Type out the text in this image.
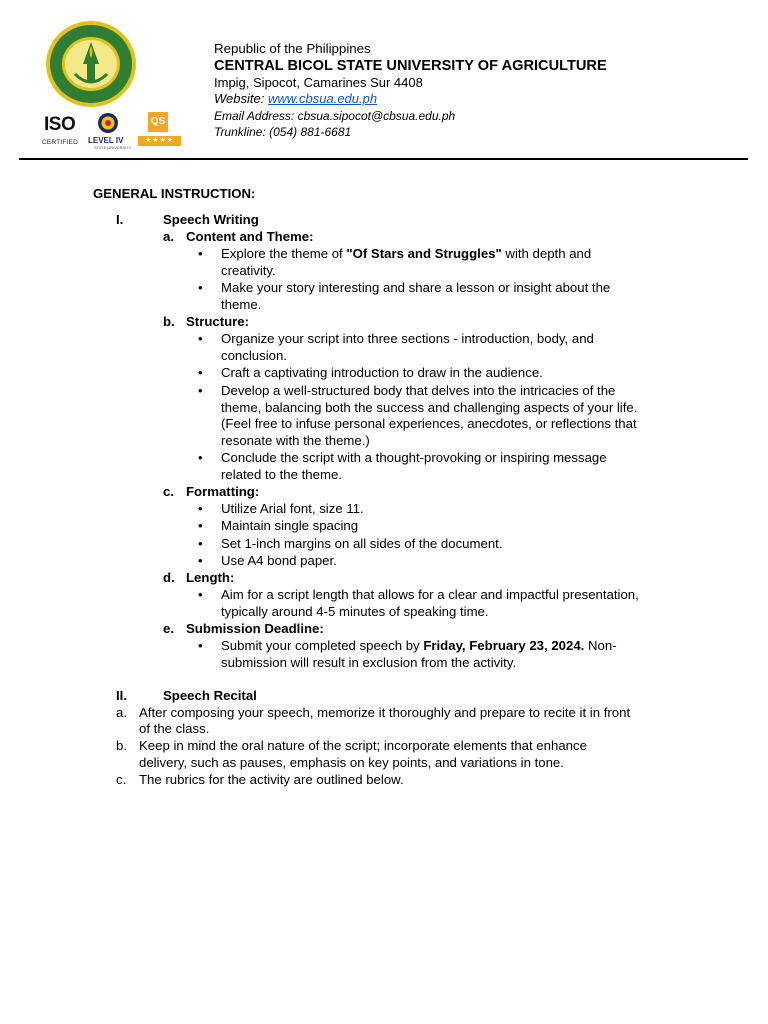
ISO
CERTIFIED LEVEL IV
STATE UNIVERSITY
QS
★★★★
Republic of the Philippines
CENTRAL BICOL STATE UNIVERSITY OF AGRICULTURE
Impig, Sipocot, Camarines Sur 4408
Website: www.cbsua.edu.ph
Email Address: cbsua.sipocot@cbsua.edu.ph
Trunkline: (054) 881-6681
GENERAL INSTRUCTION:
I.	Speech Writing
a. Content and Theme:
• Explore the theme of "Of Stars and Struggles" with depth and
creativity.
• Make your story interesting and share a lesson or insight about the
theme.
b. Structure:
• Organize your script into three sections - introduction, body, and
conclusion.
• Craft a captivating introduction to draw in the audience.
• Develop a well-structured body that delves into the intricacies of the
theme, balancing both the success and challenging aspects of your life.
(Feel free to infuse personal experiences, anecdotes, or reflections that
resonate with the theme.)
• Conclude the script with a thought-provoking or inspiring message
related to the theme.
c. Formatting:
• Utilize Arial font, size 11.
• Maintain single spacing
• Set 1-inch margins on all sides of the document.
• Use A4 bond paper.
d. Length:
• Aim for a script length that allows for a clear and impactful presentation,
typically around 4-5 minutes of speaking time.
e. Submission Deadline:
• Submit your completed speech by Friday, February 23, 2024. Non-
submission will result in exclusion from the activity.
II.	Speech Recital
a. After composing your speech, memorize it thoroughly and prepare to recite it in front
of the class.
b. Keep in mind the oral nature of the script; incorporate elements that enhance
delivery, such as pauses, emphasis on key points, and variations in tone.
c. The rubrics for the activity are outlined below.
